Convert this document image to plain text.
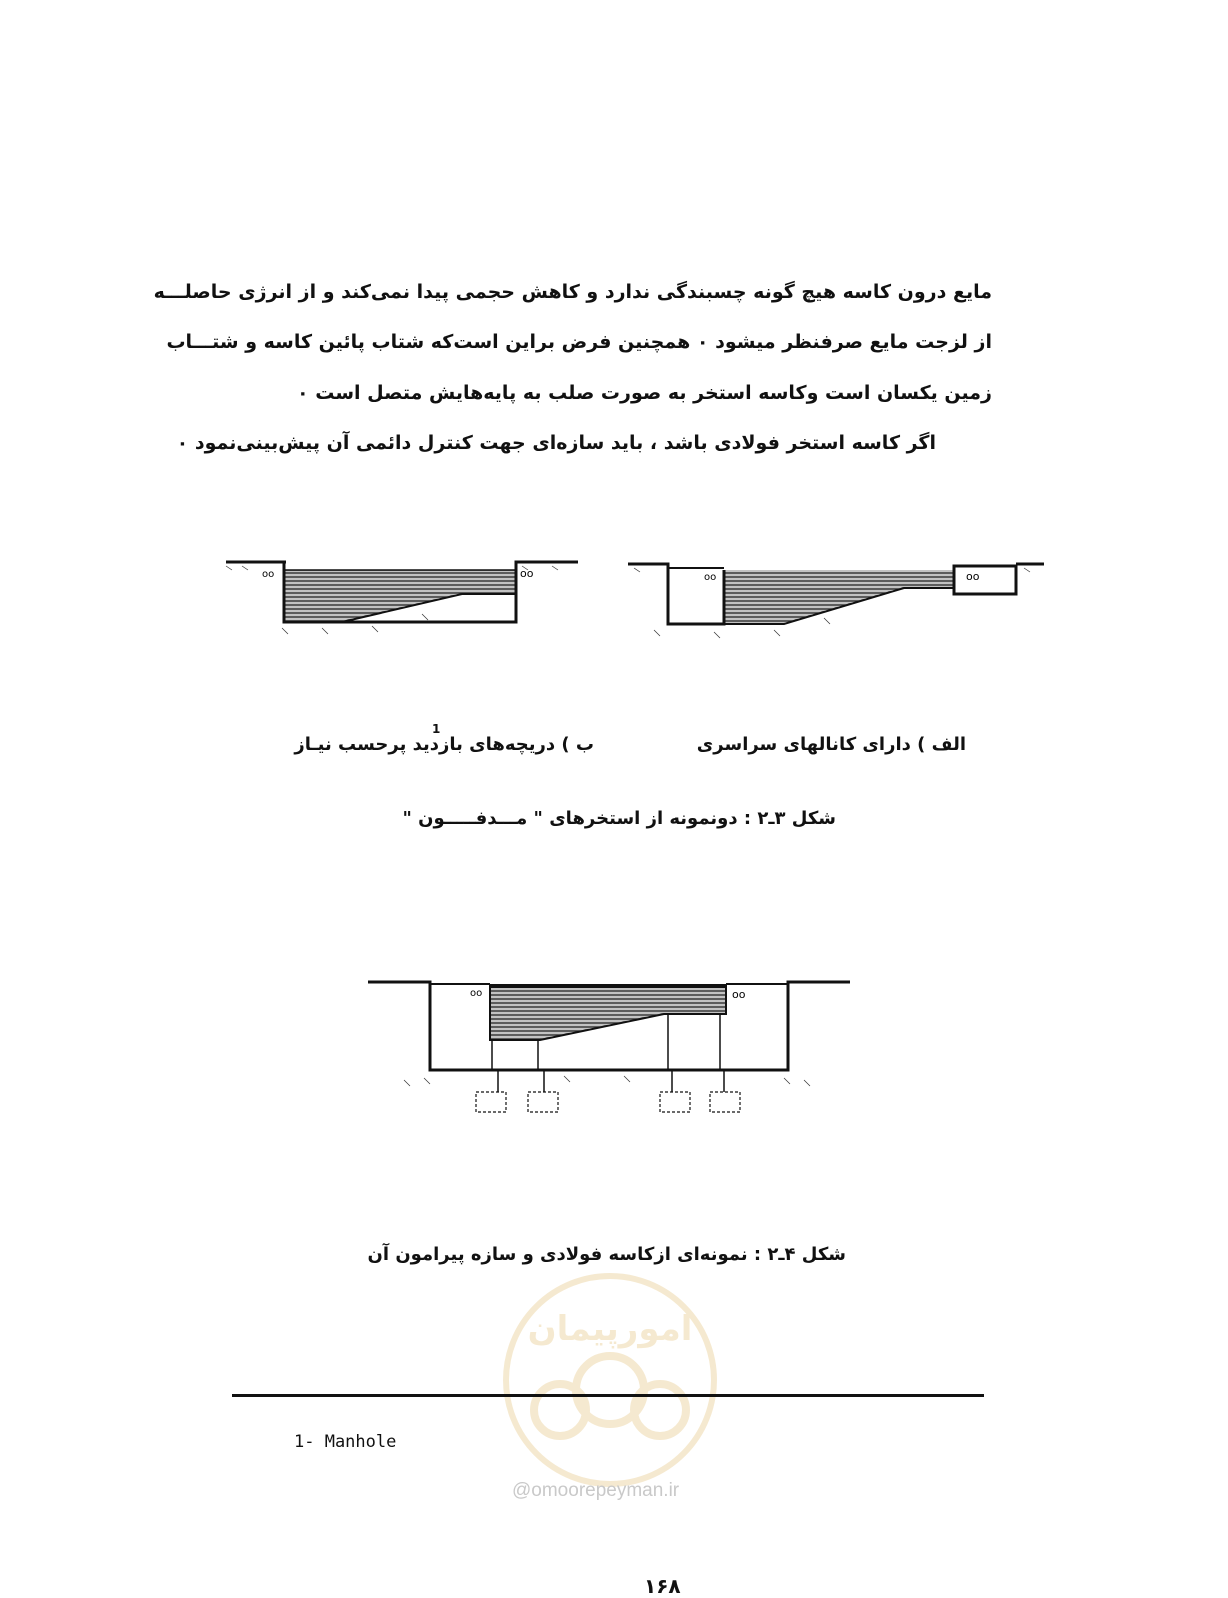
مایع درون کاسه هیچ گونه چسبندگی ندارد و کاهش حجمی پیدا نمی‌کند و از انرژی حاصلـــه
از لزجت مایع صرفنظر میشود ۰ همچنین فرض براین است‌که شتاب پائین کاسه و شتـــاب
زمین یکسان است وکاسه استخر به صورت صلب به پایه‌هایش متصل است ۰
اگر کاسه استخر فولادی باشد ، باید سازه‌ای جهت کنترل دائمی آن پیش‌بینی‌نمود ۰
oo	oo	oo	oo
الف ) دارای کانالهای سراسری
ب ) دریچه‌های بازدید پرحسب نیـاز
1
شکل ۳ـ۲ : دونمونه از استخرهای " مـــدفـــــون "
oo	oo
شکل ۴ـ۲ : نمونه‌ای ازکاسه فولادی و سازه پیرامون آن
امورپیمان
1- Manhole
@omoorepeyman.ir
۱۶۸
